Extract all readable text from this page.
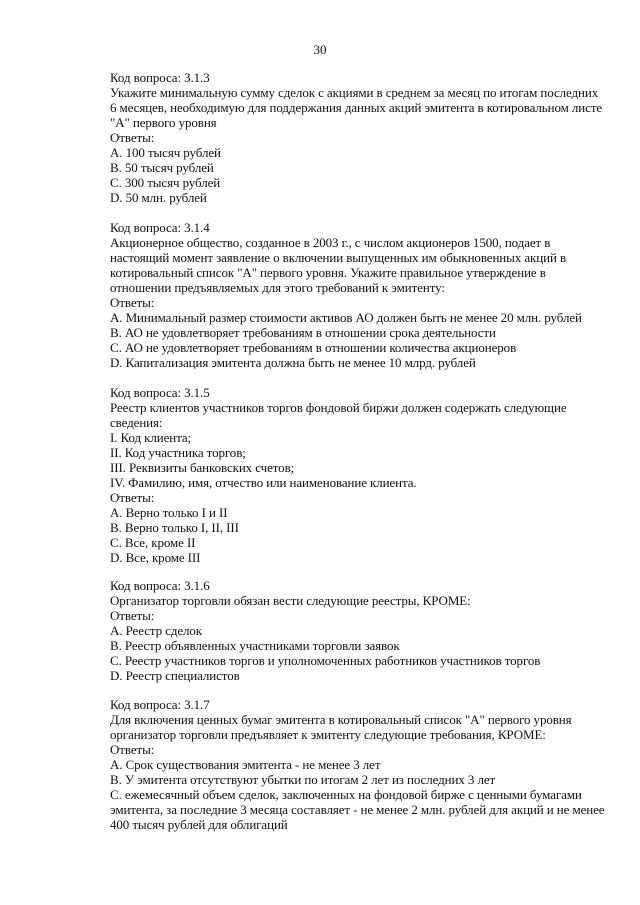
30
Код вопроса: 3.1.3
Укажите минимальную сумму сделок с акциями в среднем за месяц по итогам последних
6 месяцев, необходимую для поддержания данных акций эмитента в котировальном листе
"А" первого уровня
Ответы:
A. 100 тысяч рублей
B. 50 тысяч рублей
C. 300 тысяч рублей
D. 50 млн. рублей
Код вопроса: 3.1.4
Акционерное общество, созданное в 2003 г., с числом акционеров 1500, подает в
настоящий момент заявление о включении выпущенных им обыкновенных акций в
котировальный список "А" первого уровня. Укажите правильное утверждение в
отношении предъявляемых для этого требований к эмитенту:
Ответы:
A. Минимальный размер стоимости активов АО должен быть не менее 20 млн. рублей
B. АО не удовлетворяет требованиям в отношении срока деятельности
C. АО не удовлетворяет требованиям в отношении количества акционеров
D. Капитализация эмитента должна быть не менее 10 млрд. рублей
Код вопроса: 3.1.5
Реестр клиентов участников торгов фондовой биржи должен содержать следующие
сведения:
I. Код клиента;
II. Код участника торгов;
III. Реквизиты банковских счетов;
IV. Фамилию, имя, отчество или наименование клиента.
Ответы:
A. Верно только I и II
B. Верно только I, II, III
C. Все, кроме II
D. Все, кроме III
Код вопроса: 3.1.6
Организатор торговли обязан вести следующие реестры, КРОМЕ:
Ответы:
A. Реестр сделок
B. Реестр объявленных участниками торговли заявок
C. Реестр участников торгов и уполномоченных работников участников торгов
D. Реестр специалистов
Код вопроса: 3.1.7
Для включения ценных бумаг эмитента в котировальный список "А" первого уровня
организатор торговли предъявляет к эмитенту следующие требования, КРОМЕ:
Ответы:
A. Срок существования эмитента - не менее 3 лет
B. У эмитента отсутствуют убытки по итогам 2 лет из последних 3 лет
C. ежемесячный объем сделок, заключенных на фондовой бирже с ценными бумагами
эмитента, за последние 3 месяца составляет - не менее 2 млн. рублей для акций и не менее
400 тысяч рублей для облигаций
